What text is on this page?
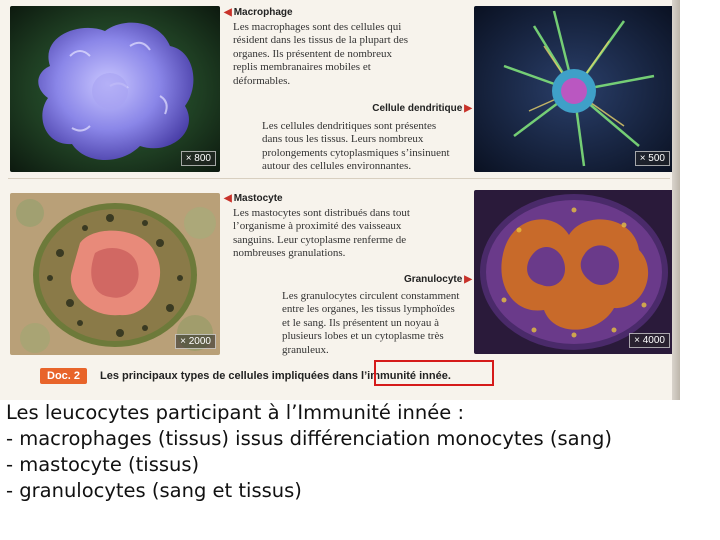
× 800
◀ Macrophage
Les macrophages sont des cellules qui résident dans les tissus de la plupart des organes. Ils présentent de nombreux replis membranaires mobiles et déformables.
× 500
Cellule dendritique ▶
Les cellules dendritiques sont présentes dans tous les tissus. Leurs nombreux prolongements cytoplasmiques s’insinuent autour des cellules environnantes.
× 2000
◀ Mastocyte
Les mastocytes sont distribués dans tout l’organisme à proximité des vaisseaux sanguins. Leur cytoplasme renferme de nombreuses granulations.
× 4000
Granulocyte ▶
Les granulocytes circulent constamment entre les organes, les tissus lymphoïdes et le sang. Ils présentent un noyau à plusieurs lobes et un cytoplasme très granuleux.
Doc. 2	Les principaux types de cellules impliquées dans l’immunité innée.
Les leucocytes participant à l’Immunité innée :
- macrophages (tissus) issus différenciation monocytes (sang)
- mastocyte (tissus)
- granulocytes (sang et tissus)
